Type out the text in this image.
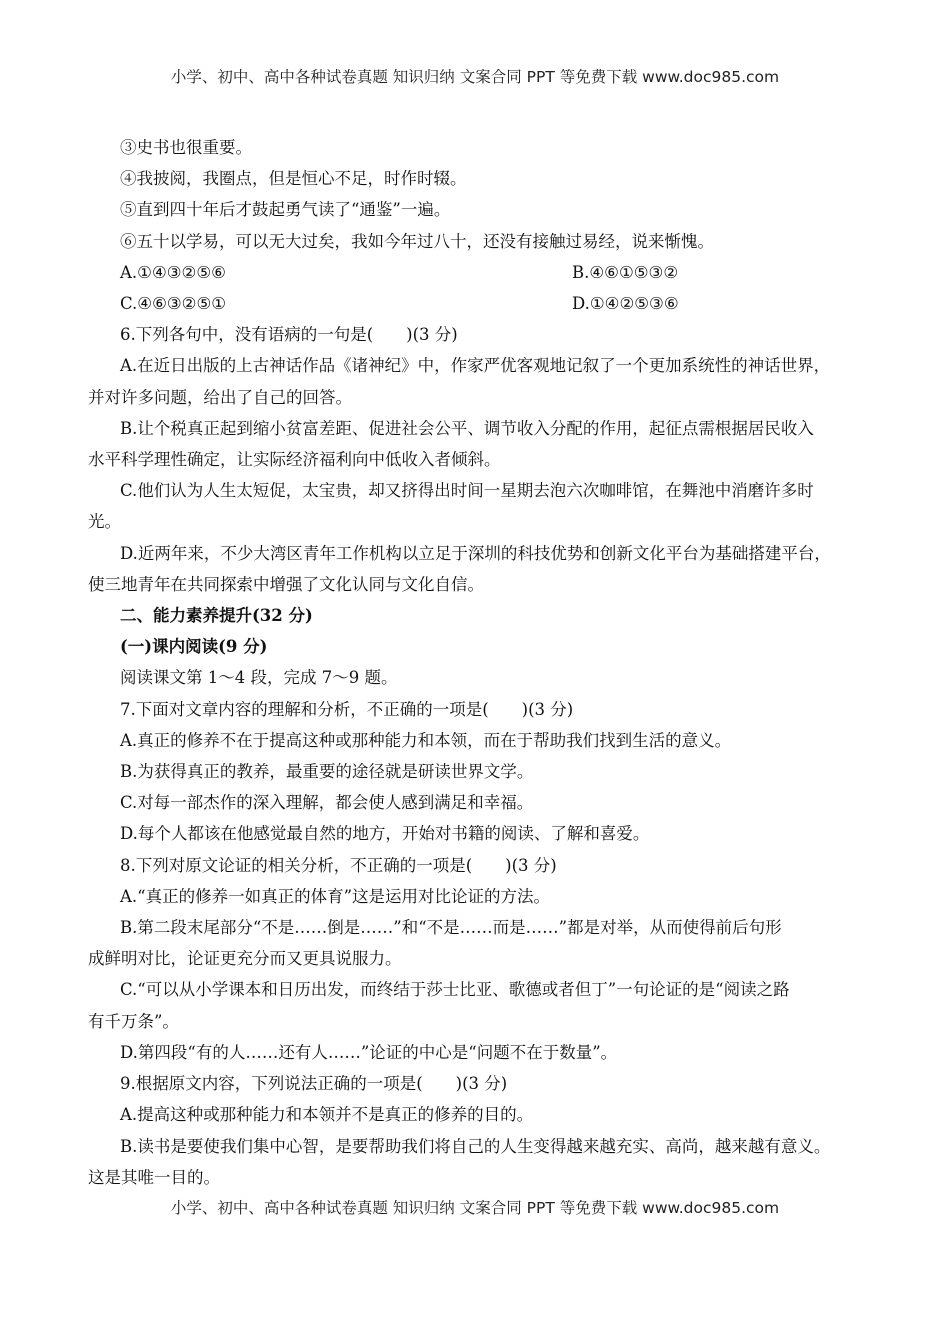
小学、初中、高中各种试卷真题 知识归纳 文案合同 PPT 等免费下载 www.doc985.com
③史书也很重要。
④我披阅，我圈点，但是恒心不足，时作时辍。
⑤直到四十年后才鼓起勇气读了“通鉴”一遍。
⑥五十以学易，可以无大过矣，我如今年过八十，还没有接触过易经，说来惭愧。
A.①④③②⑤⑥	B.④⑥①⑤③②
C.④⑥③②⑤①	D.①④②⑤③⑥
6.下列各句中，没有语病的一句是(　　)(3 分)
A.在近日出版的上古神话作品《诸神纪》中，作家严优客观地记叙了一个更加系统性的神话世界，
并对许多问题，给出了自己的回答。
B.让个税真正起到缩小贫富差距、促进社会公平、调节收入分配的作用，起征点需根据居民收入
水平科学理性确定，让实际经济福利向中低收入者倾斜。
C.他们认为人生太短促，太宝贵，却又挤得出时间一星期去泡六次咖啡馆，在舞池中消磨许多时
光。
D.近两年来，不少大湾区青年工作机构以立足于深圳的科技优势和创新文化平台为基础搭建平台，
使三地青年在共同探索中增强了文化认同与文化自信。
二、能力素养提升(32 分)
(一)课内阅读(9 分)
阅读课文第 1～4 段，完成 7～9 题。
7.下面对文章内容的理解和分析，不正确的一项是(　　)(3 分)
A.真正的修养不在于提高这种或那种能力和本领，而在于帮助我们找到生活的意义。
B.为获得真正的教养，最重要的途径就是研读世界文学。
C.对每一部杰作的深入理解，都会使人感到满足和幸福。
D.每个人都该在他感觉最自然的地方，开始对书籍的阅读、了解和喜爱。
8.下列对原文论证的相关分析，不正确的一项是(　　)(3 分)
A.“真正的修养一如真正的体育”这是运用对比论证的方法。
B.第二段末尾部分“不是……倒是……”和“不是……而是……”都是对举，从而使得前后句形
成鲜明对比，论证更充分而又更具说服力。
C.“可以从小学课本和日历出发，而终结于莎士比亚、歌德或者但丁”一句论证的是“阅读之路
有千万条”。
D.第四段“有的人……还有人……”论证的中心是“问题不在于数量”。
9.根据原文内容，下列说法正确的一项是(　　)(3 分)
A.提高这种或那种能力和本领并不是真正的修养的目的。
B.读书是要使我们集中心智，是要帮助我们将自己的人生变得越来越充实、高尚，越来越有意义。
这是其唯一目的。
小学、初中、高中各种试卷真题 知识归纳 文案合同 PPT 等免费下载 www.doc985.com
